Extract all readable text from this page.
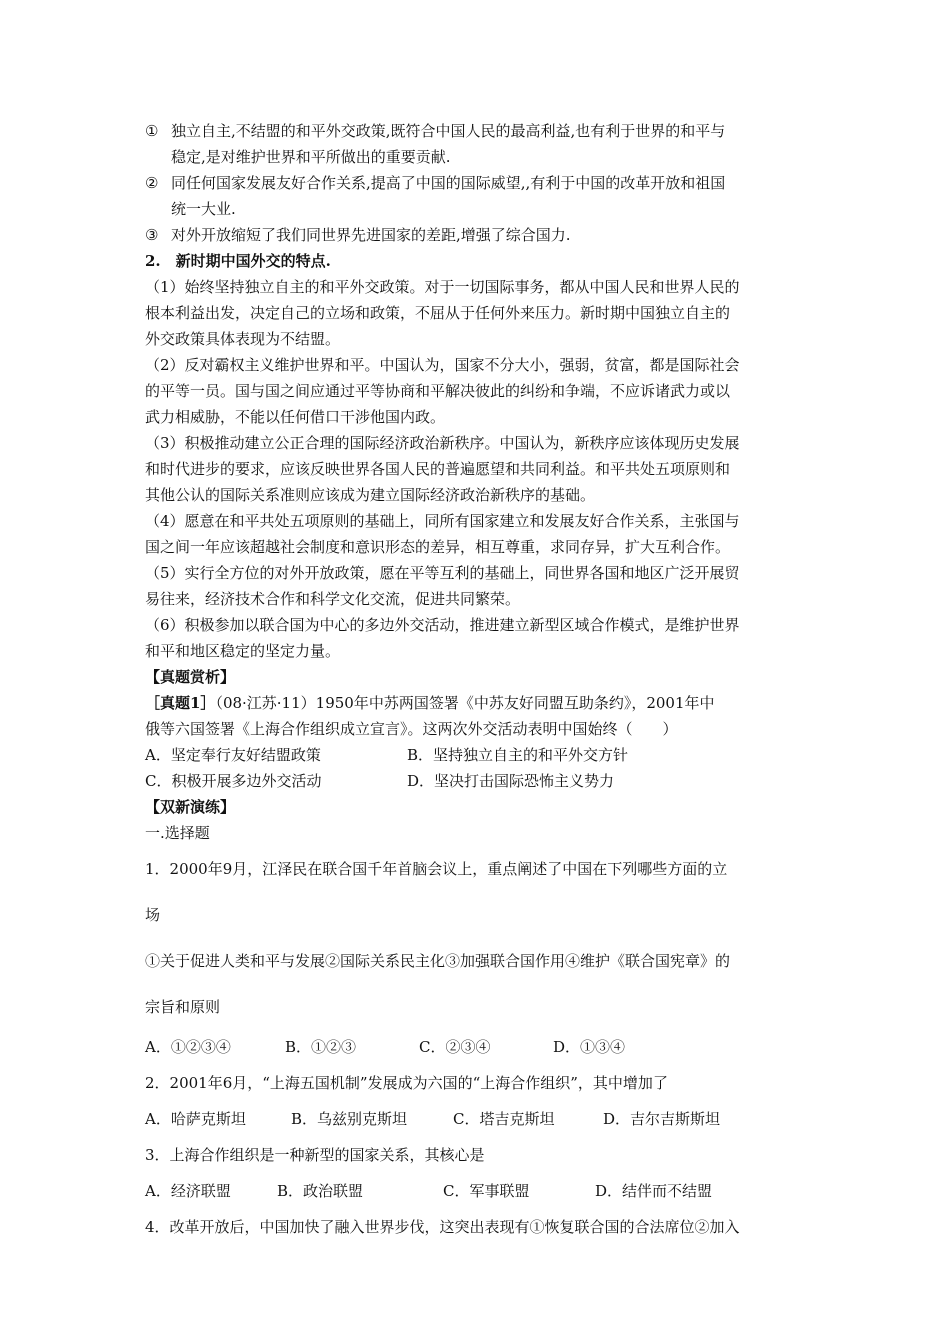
① 独立自主,不结盟的和平外交政策,既符合中国人民的最高利益,也有利于世界的和平与
稳定,是对维护世界和平所做出的重要贡献.
② 同任何国家发展友好合作关系,提高了中国的国际威望,,有利于中国的改革开放和祖国
统一大业.
③ 对外开放缩短了我们同世界先进国家的差距,增强了综合国力.
2.　新时期中国外交的特点.
（1）始终坚持独立自主的和平外交政策。对于一切国际事务，都从中国人民和世界人民的
根本利益出发，决定自己的立场和政策，不屈从于任何外来压力。新时期中国独立自主的
外交政策具体表现为不结盟。
（2）反对霸权主义维护世界和平。中国认为，国家不分大小，强弱，贫富，都是国际社会
的平等一员。国与国之间应通过平等协商和平解决彼此的纠纷和争端，不应诉诸武力或以
武力相威胁，不能以任何借口干涉他国内政。
（3）积极推动建立公正合理的国际经济政治新秩序。中国认为，新秩序应该体现历史发展
和时代进步的要求，应该反映世界各国人民的普遍愿望和共同利益。和平共处五项原则和
其他公认的国际关系准则应该成为建立国际经济政治新秩序的基础。
（4）愿意在和平共处五项原则的基础上，同所有国家建立和发展友好合作关系，主张国与
国之间一年应该超越社会制度和意识形态的差异，相互尊重，求同存异，扩大互利合作。
（5）实行全方位的对外开放政策，愿在平等互利的基础上，同世界各国和地区广泛开展贸
易往来，经济技术合作和科学文化交流，促进共同繁荣。
（6）积极参加以联合国为中心的多边外交活动，推进建立新型区域合作模式，是维护世界
和平和地区稳定的坚定力量。
【真题赏析】
［真题1］（08·江苏·11）1950年中苏两国签署《中苏友好同盟互助条约》，2001年中
俄等六国签署《上海合作组织成立宣言》。这两次外交活动表明中国始终（　　）
A．坚定奉行友好结盟政策	B．坚持独立自主的和平外交方针
C．积极开展多边外交活动	D．坚决打击国际恐怖主义势力
【双新演练】
一.选择题
1．2000年9月，江泽民在联合国千年首脑会议上，重点阐述了中国在下列哪些方面的立
场
①关于促进人类和平与发展②国际关系民主化③加强联合国作用④维护《联合国宪章》的
宗旨和原则
A．①②③④	B．①②③	C．②③④	D．①③④
2．2001年6月，“上海五国机制”发展成为六国的“上海合作组织”，其中增加了
A．哈萨克斯坦	B．乌兹别克斯坦	C．塔吉克斯坦	D．吉尔吉斯斯坦
3．上海合作组织是一种新型的国家关系，其核心是
A．经济联盟	B．政治联盟	C．军事联盟	D．结伴而不结盟
4．改革开放后，中国加快了融入世界步伐，这突出表现有①恢复联合国的合法席位②加入
